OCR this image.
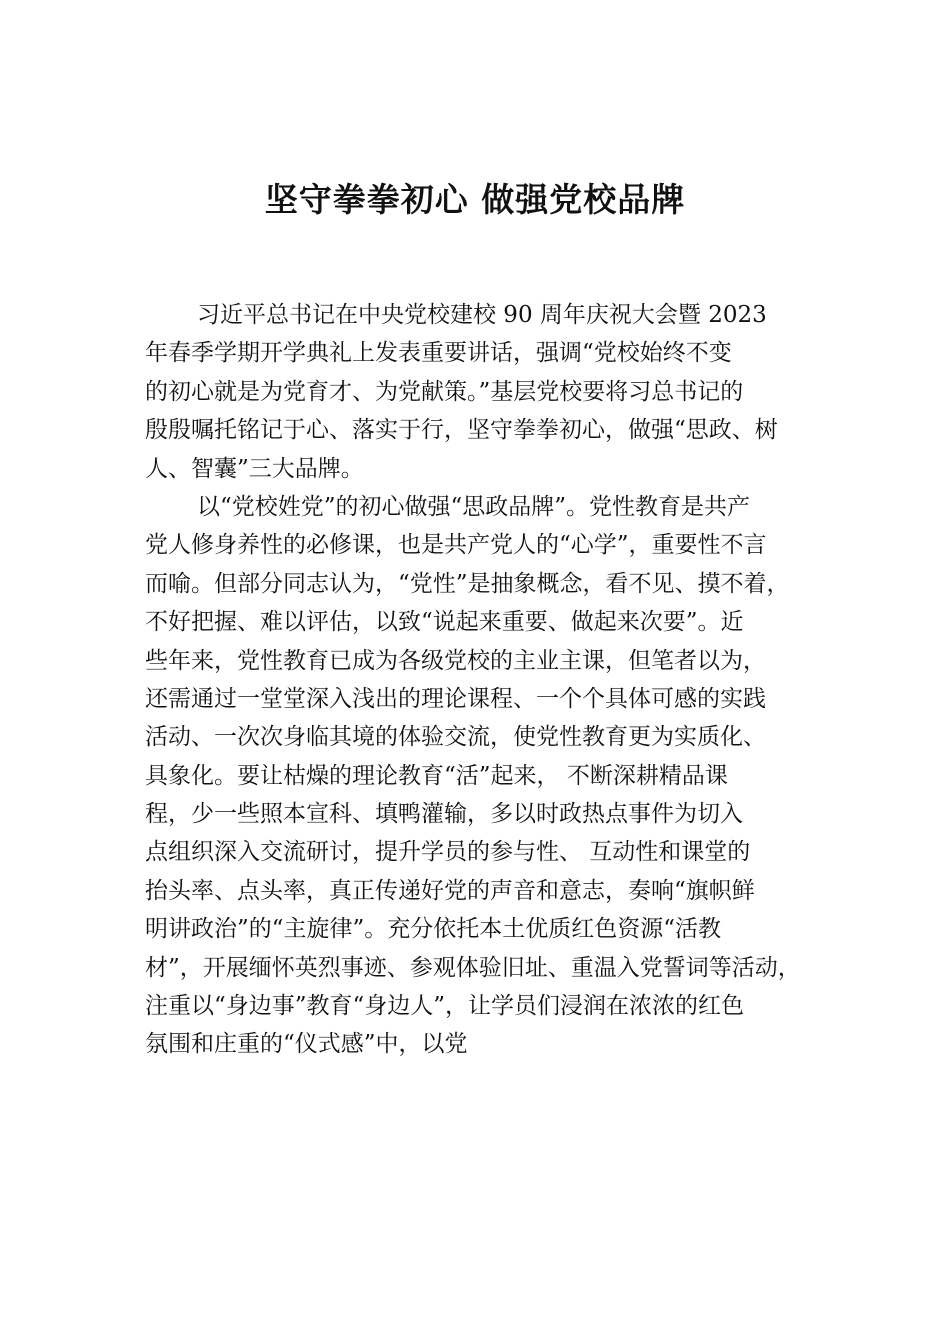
坚守拳拳初心 做强党校品牌
习近平总书记在中央党校建校 90 周年庆祝大会暨 2023
年春季学期开学典礼上发表重要讲话，强调“党校始终不变
的初心就是为党育才、为党献策。”基层党校要将习总书记的
殷殷嘱托铭记于心、落实于行，坚守拳拳初心，做强“思政、树
人、智囊”三大品牌。
以“党校姓党”的初心做强“思政品牌”。党性教育是共产
党人修身养性的必修课，也是共产党人的“心学”，重要性不言
而喻。但部分同志认为，“党性”是抽象概念，看不见、摸不着，
不好把握、难以评估，以致“说起来重要、做起来次要”。近
些年来，党性教育已成为各级党校的主业主课，但笔者以为，
还需通过一堂堂深入浅出的理论课程、一个个具体可感的实践
活动、一次次身临其境的体验交流，使党性教育更为实质化、
具象化。要让枯燥的理论教育“活”起来， 不断深耕精品课
程，少一些照本宣科、填鸭灌输，多以时政热点事件为切入
点组织深入交流研讨，提升学员的参与性、 互动性和课堂的
抬头率、点头率，真正传递好党的声音和意志，奏响“旗帜鲜
明讲政治”的“主旋律”。充分依托本土优质红色资源“活教
材”，开展缅怀英烈事迹、参观体验旧址、重温入党誓词等活动，
注重以“身边事”教育“身边人”，让学员们浸润在浓浓的红色
氛围和庄重的“仪式感”中，以党
